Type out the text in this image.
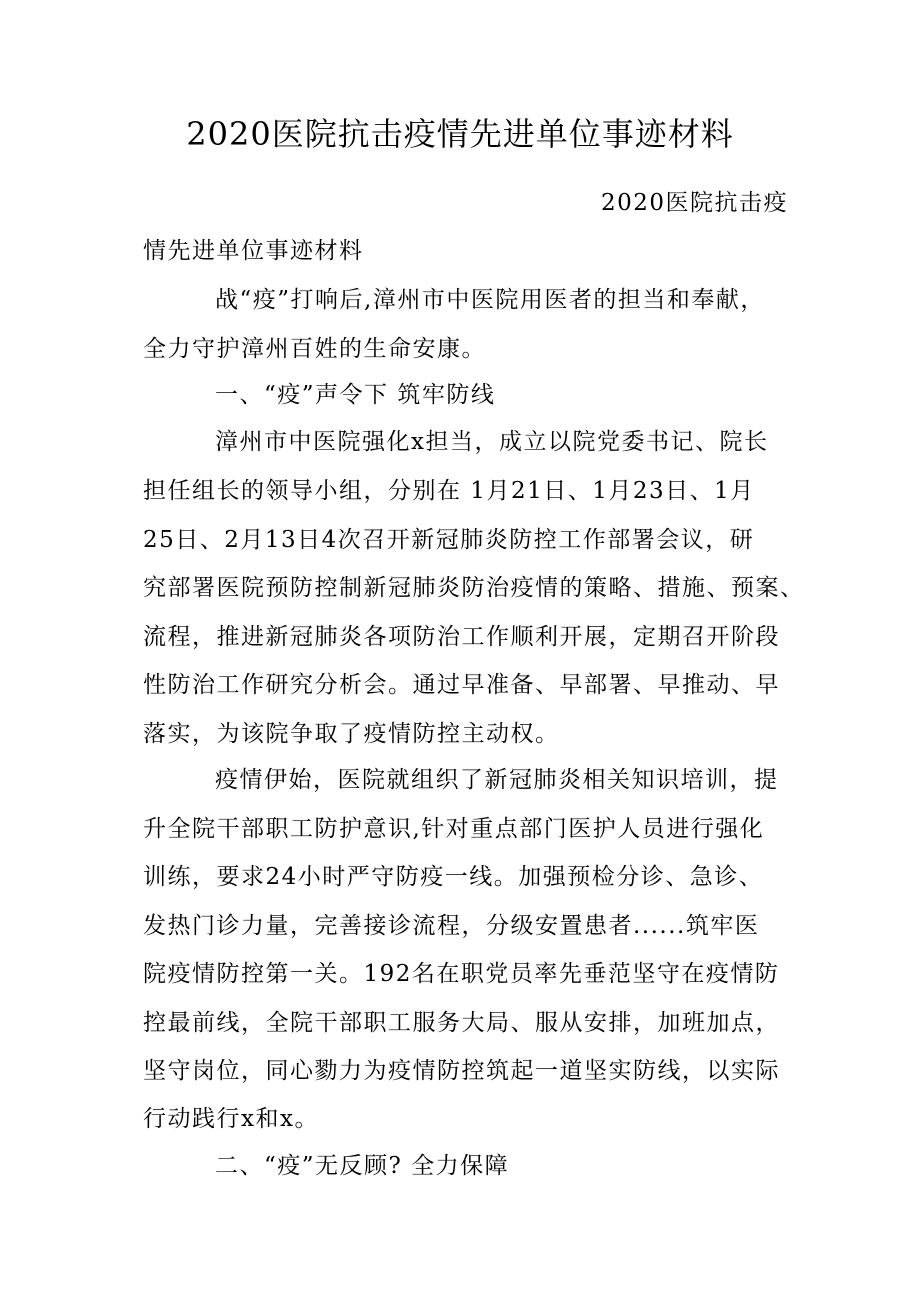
2020医院抗击疫情先进单位事迹材料
2020医院抗击疫
情先进单位事迹材料
战“疫”打响后,漳州市中医院用医者的担当和奉献，
全力守护漳州百姓的生命安康。
一、“疫”声令下 筑牢防线
漳州市中医院强化x担当，成立以院党委书记、院长
担任组长的领导小组，分别在 1月21日、1月23日、1月
25日、2月13日4次召开新冠肺炎防控工作部署会议，研
究部署医院预防控制新冠肺炎防治疫情的策略、措施、预案、
流程，推进新冠肺炎各项防治工作顺利开展，定期召开阶段
性防治工作研究分析会。通过早准备、早部署、早推动、早
落实，为该院争取了疫情防控主动权。
疫情伊始，医院就组织了新冠肺炎相关知识培训，提
升全院干部职工防护意识,针对重点部门医护人员进行强化
训练，要求24小时严守防疫一线。加强预检分诊、急诊、
发热门诊力量，完善接诊流程，分级安置患者......筑牢医
院疫情防控第一关。192名在职党员率先垂范坚守在疫情防
控最前线，全院干部职工服务大局、服从安排，加班加点，
坚守岗位，同心勠力为疫情防控筑起一道坚实防线，以实际
行动践行x和x。
二、“疫”无反顾? 全力保障
